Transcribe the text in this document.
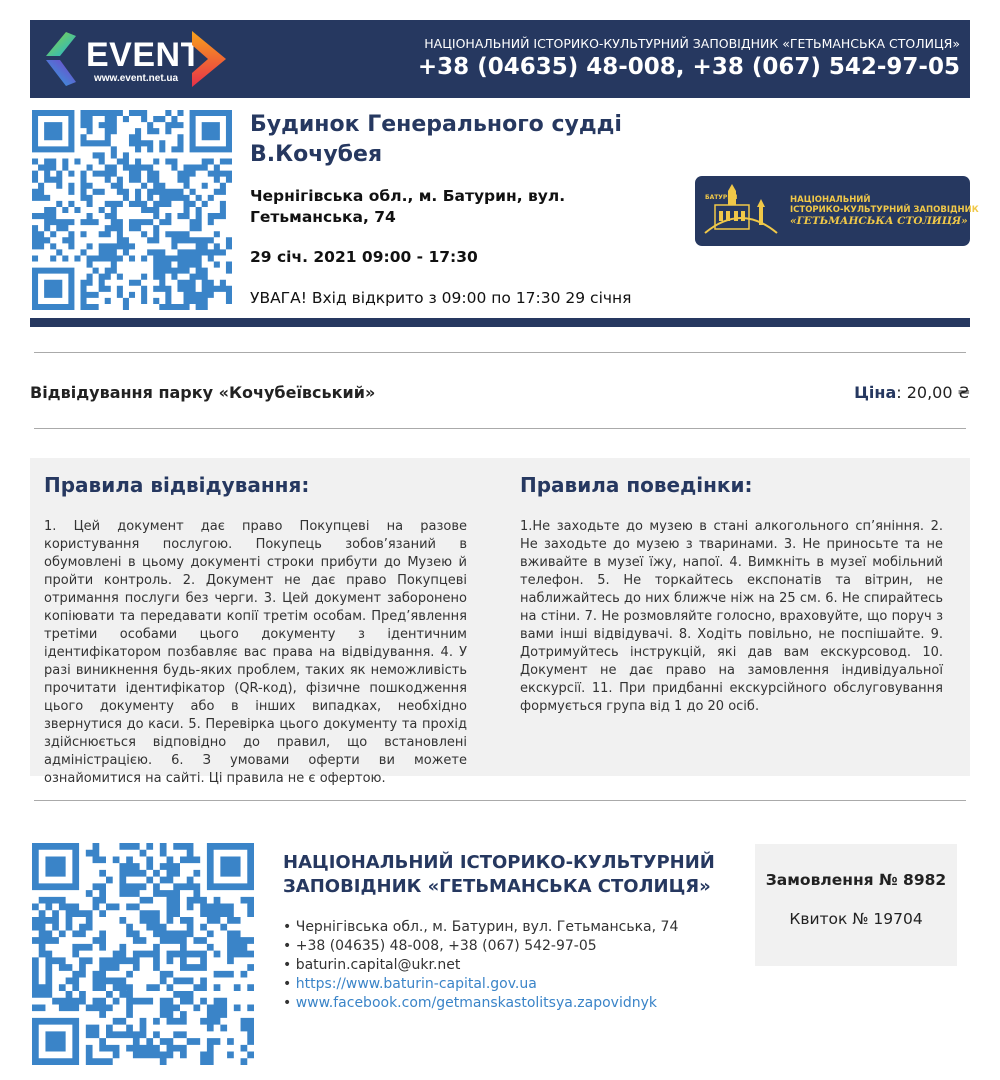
EVENT
www.event.net.ua
НАЦІОНАЛЬНИЙ ІСТОРИКО-КУЛЬТУРНИЙ ЗАПОВІДНИК «ГЕТЬМАНСЬКА СТОЛИЦЯ»
+38 (04635) 48-008, +38 (067) 542-97-05
Будинок Генерального судді В.Кочубея
Чернігівська обл., м. Батурин, вул. Гетьманська, 74
29 січ. 2021 09:00 - 17:30
УВАГА! Вхід відкрито з 09:00 по 17:30 29 січня
БАТУРИН	НАЦІОНАЛЬНИЙ
ІСТОРИКО-КУЛЬТУРНИЙ ЗАПОВІДНИК
«ГЕТЬМАНСЬКА СТОЛИЦЯ»
Відвідування парку «Кочубеївський»	Ціна: 20,00 ₴
Правила відвідування:

1. Цей документ дає право Покупцеві на разове користування послугою. Покупець зобов’язаний в обумовлені в цьому документі строки прибути до Музею й пройти контроль. 2. Документ не дає право Покупцеві отримання послуги без черги. 3. Цей документ заборонено копіювати та передавати копії третім особам. Пред’явлення третіми особами цього документу з ідентичним ідентифікатором позбавляє вас права на відвідування. 4. У разі виникнення будь-яких проблем, таких як неможливість прочитати ідентифікатор (QR-код), фізичне пошкодження цього документу або в інших випадках, необхідно звернутися до каси. 5. Перевірка цього документу та прохід здійснюється відповідно до правил, що встановлені адміністрацією. 6. З умовами оферти ви можете ознайомитися на сайті. Ці правила не є офертою.

Правила поведінки:

1.Не заходьте до музею в стані алкогольного сп’яніння. 2. Не заходьте до музею з тваринами. 3. Не приносьте та не вживайте в музеї їжу, напої. 4. Вимкніть в музеї мобільний телефон. 5. Не торкайтесь експонатів та вітрин, не наближайтесь до них ближче ніж на 25 см. 6. Не спирайтесь на стіни. 7. Не розмовляйте голосно, враховуйте, що поруч з вами інші відвідувачі. 8. Ходіть повільно, не поспішайте. 9. Дотримуйтесь інструкцій, які дав вам екскурсовод. 10. Документ не дає право на замовлення індивідуальної екскурсії. 11. При придбанні екскурсійного обслуговування формується група від 1 до 20 осіб.

НАЦІОНАЛЬНИЙ ІСТОРИКО-КУЛЬТУРНИЙ ЗАПОВІДНИК «ГЕТЬМАНСЬКА СТОЛИЦЯ»
• Чернігівська обл., м. Батурин, вул. Гетьманська, 74
• +38 (04635) 48-008, +38 (067) 542-97-05
• baturin.capital@ukr.net
• https://www.baturin-capital.gov.ua
• www.facebook.com/getmanskastolitsya.zapovidnyk
Замовлення № 8982
Квиток № 19704
